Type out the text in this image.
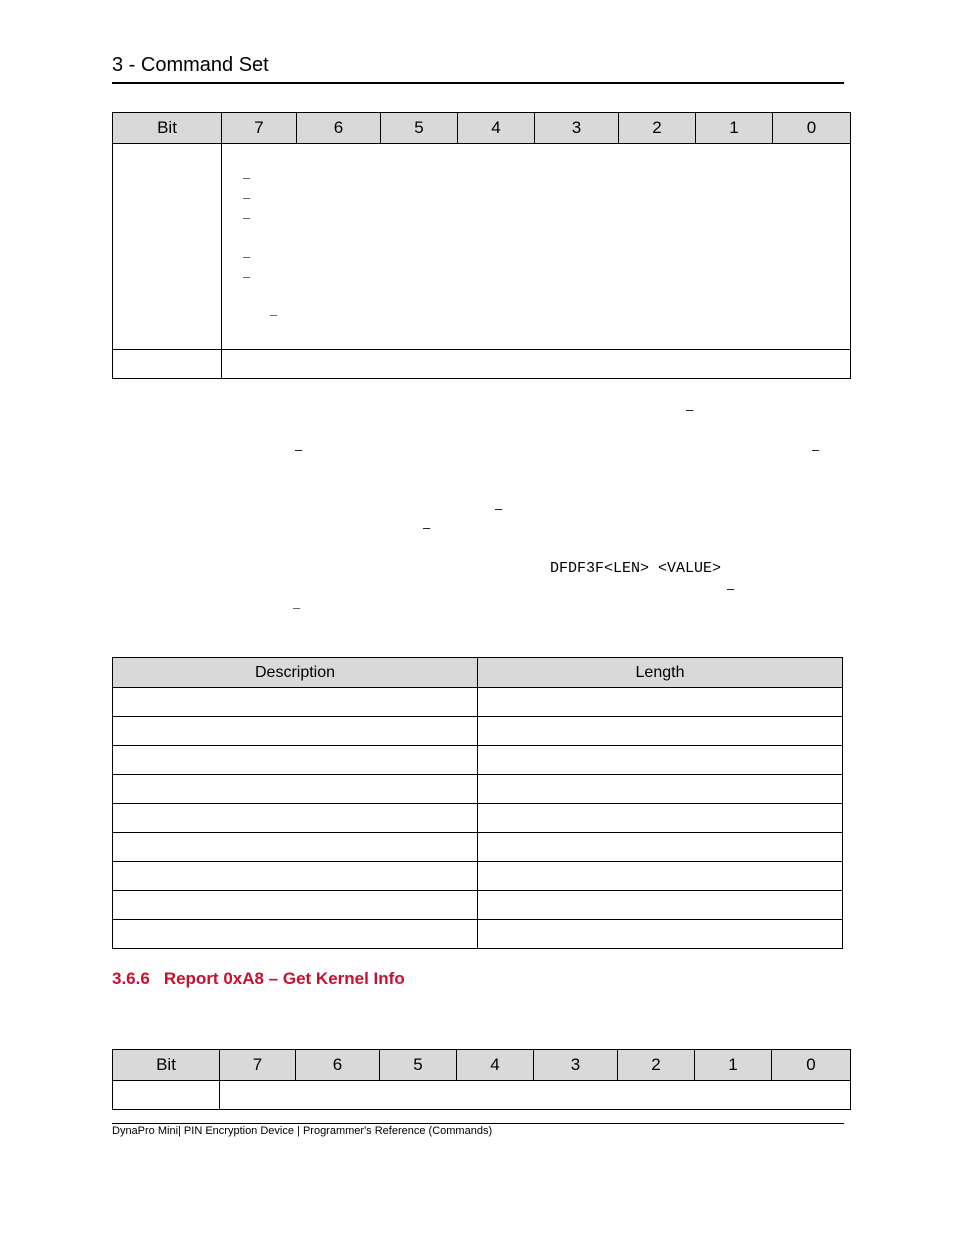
3 - Command Set
Bit	7	6	5	4	3	2	1	0

–
–
–
–
–
–
–
–	–
–
–
DFDF3F<LEN> <VALUE>
–
–
Description	Length

3.6.6 Report 0xA8 – Get Kernel Info
Bit	7	6	5	4	3	2	1	0

DynaPro Mini| PIN Encryption Device | Programmer's Reference (Commands)
